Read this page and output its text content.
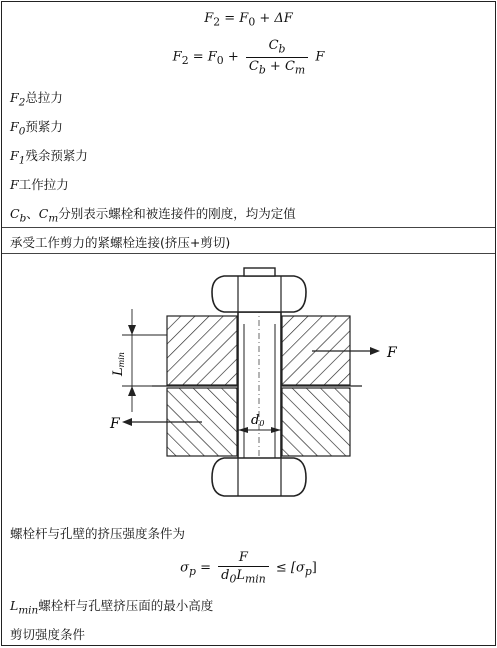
$F_2 = F_0 + \Delta F$
$F_2 = F_0 + \frac{C_b}{C_b + C_m}$ F
$F_2$总拉力
$F_0$预紧力
$F_1$残余预紧力
F工作拉力
$C_b$、$C_m$分别表示螺栓和被连接件的刚度，均为定值
承受工作剪力的紧螺栓连接(挤压+剪切)
F
F
Lmin
d0
螺栓杆与孔壁的挤压强度条件为
$\sigma_p = \frac{F}{d_0L_{min}} \le [\sigma_p]$
$L_{min}$螺栓杆与孔壁挤压面的最小高度
剪切强度条件
